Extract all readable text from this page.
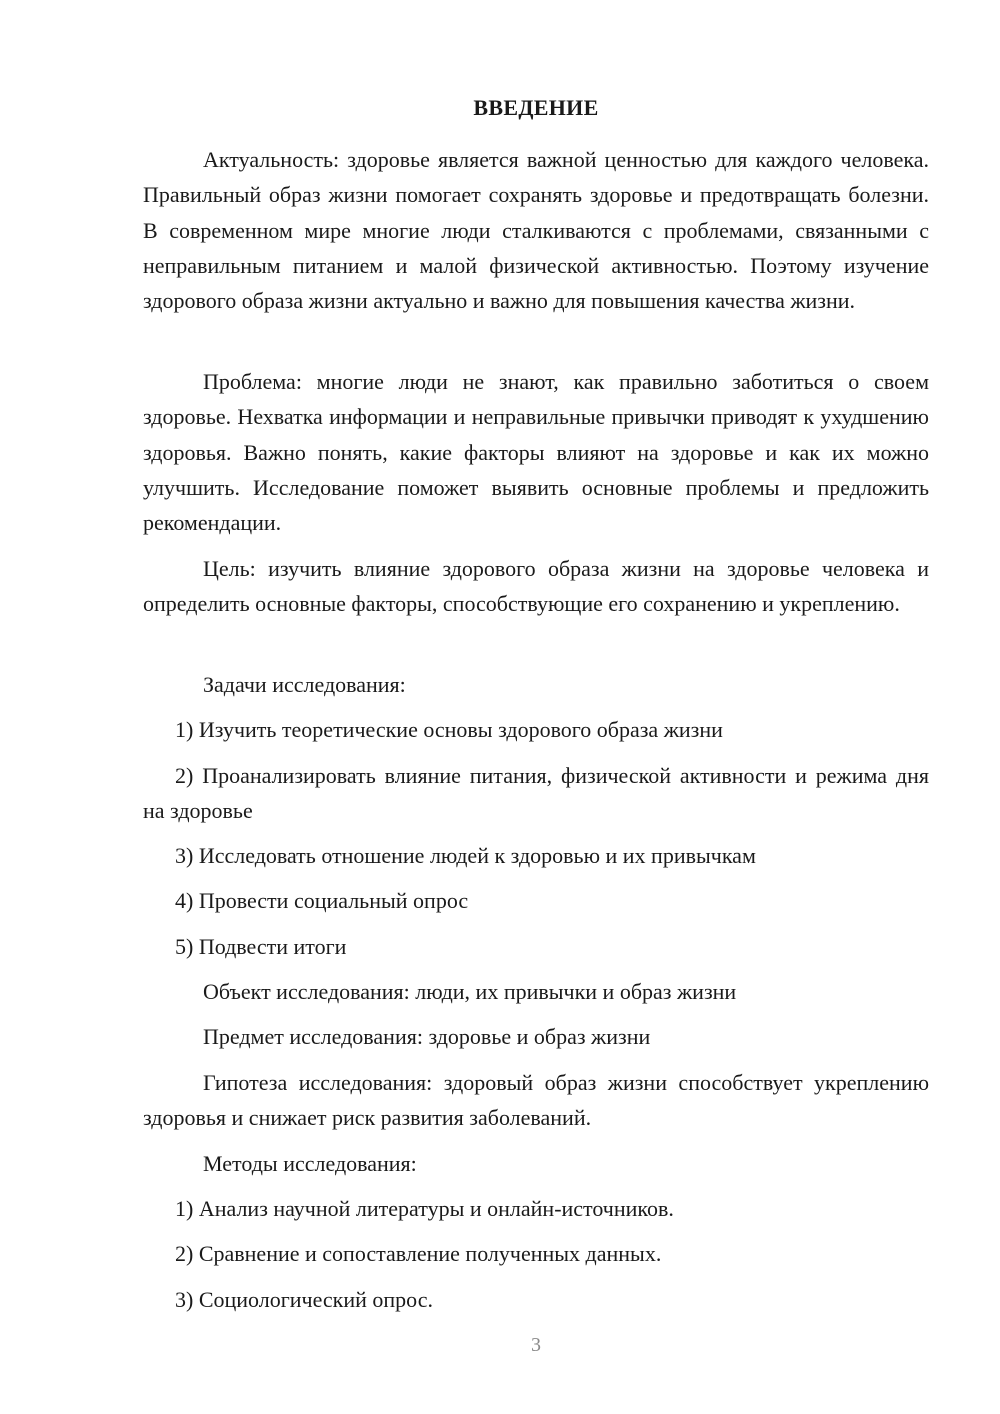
ВВЕДЕНИЕ
Актуальность: здоровье является важной ценностью для каждого человека. Правильный образ жизни помогает сохранять здоровье и предотвращать болезни. В современном мире многие люди сталкиваются с проблемами, связанными с неправильным питанием и малой физической активностью. Поэтому изучение здорового образа жизни актуально и важно для повышения качества жизни.
Проблема: многие люди не знают, как правильно заботиться о своем здоровье. Нехватка информации и неправильные привычки приводят к ухудшению здоровья. Важно понять, какие факторы влияют на здоровье и как их можно улучшить. Исследование поможет выявить основные проблемы и предложить рекомендации.
Цель: изучить влияние здорового образа жизни на здоровье человека и определить основные факторы, способствующие его сохранению и укреплению.
Задачи исследования:
1) Изучить теоретические основы здорового образа жизни
2) Проанализировать влияние питания, физической активности и режима дня на здоровье
3) Исследовать отношение людей к здоровью и их привычкам
4) Провести социальный опрос
5) Подвести итоги
Объект исследования: люди, их привычки и образ жизни
Предмет исследования: здоровье и образ жизни
Гипотеза исследования: здоровый образ жизни способствует укреплению здоровья и снижает риск развития заболеваний.
Методы исследования:
1) Анализ научной литературы и онлайн-источников.
2) Сравнение и сопоставление полученных данных.
3) Социологический опрос.
3
